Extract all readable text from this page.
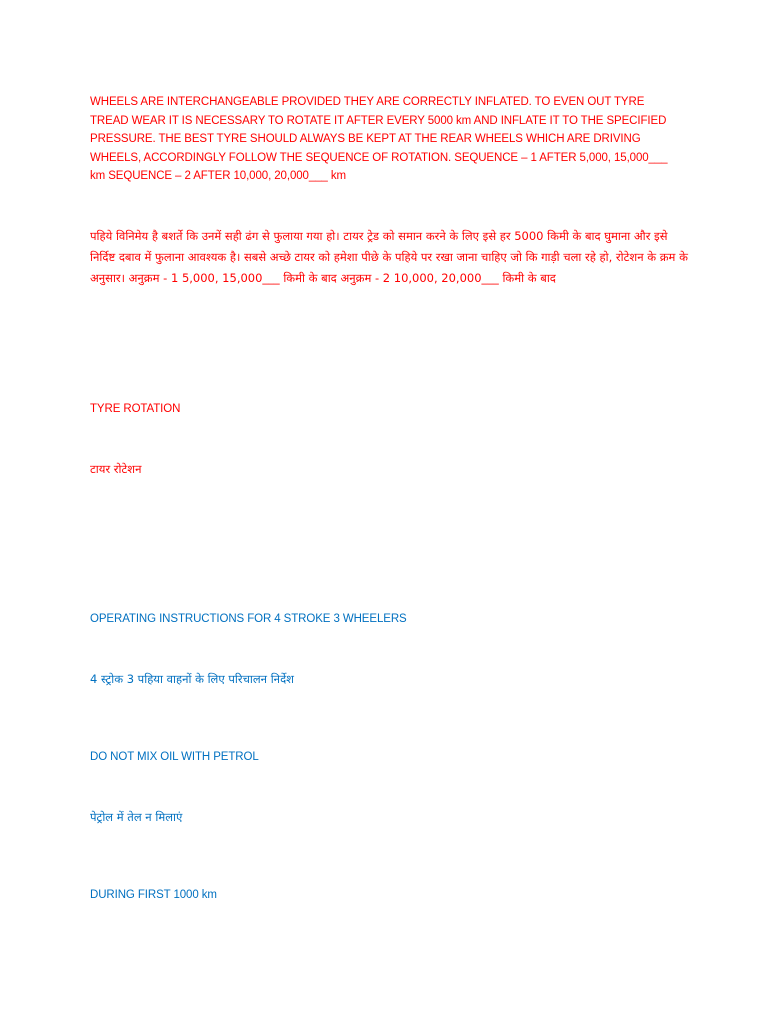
WHEELS ARE INTERCHANGEABLE PROVIDED THEY ARE CORRECTLY INFLATED. TO EVEN OUT TYRE TREAD WEAR IT IS NECESSARY TO ROTATE IT AFTER EVERY 5000 km AND INFLATE IT TO THE SPECIFIED PRESSURE. THE BEST TYRE SHOULD ALWAYS BE KEPT AT THE REAR WHEELS WHICH ARE DRIVING WHEELS, ACCORDINGLY FOLLOW THE SEQUENCE OF ROTATION. SEQUENCE – 1 AFTER 5,000, 15,000___ km SEQUENCE – 2 AFTER 10,000, 20,000___ km

पहिये विनिमेय है बशर्ते कि उनमें सही ढंग से फुलाया गया हो। टायर ट्रेड को समान करने के लिए इसे हर 5000 किमी के बाद घुमाना और इसे निर्दिष्ट दबाव में फुलाना आवश्यक है। सबसे अच्छे टायर को हमेशा पीछे के पहिये पर रखा जाना चाहिए जो कि गाड़ी चला रहे हो, रोटेशन के क्रम के अनुसार। अनुक्रम - 1 5,000, 15,000___ किमी के बाद अनुक्रम - 2 10,000, 20,000___ किमी के बाद

TYRE ROTATION

टायर रोटेशन

OPERATING INSTRUCTIONS FOR 4 STROKE 3 WHEELERS

4 स्ट्रोक 3 पहिया वाहनों के लिए परिचालन निर्देश

DO NOT MIX OIL WITH PETROL

पेट्रोल में तेल न मिलाएं

DURING FIRST 1000 km
